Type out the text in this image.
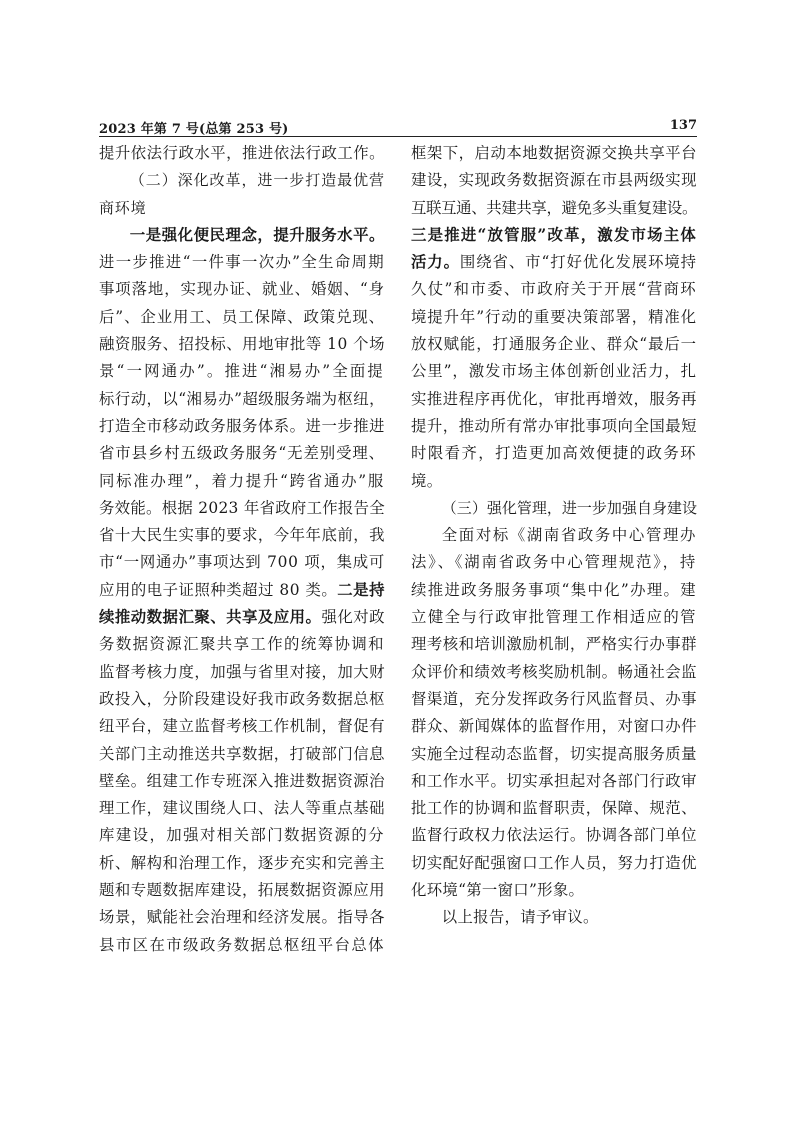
2023 年第 7 号(总第 253 号)	137
提升依法行政水平，推进依法行政工作。
（二）深化改革，进一步打造最优营
商环境
一是强化便民理念，提升服务水平。
进一步推进“一件事一次办”全生命周期
事项落地，实现办证、就业、婚姻、“身
后”、企业用工、员工保障、政策兑现、
融资服务、招投标、用地审批等 10 个场
景“一网通办”。推进“湘易办”全面提
标行动，以“湘易办”超级服务端为枢纽，
打造全市移动政务服务体系。进一步推进
省市县乡村五级政务服务“无差别受理、
同标准办理”，着力提升“跨省通办”服
务效能。根据 2023 年省政府工作报告全
省十大民生实事的要求，今年年底前，我
市“一网通办”事项达到 700 项，集成可
应用的电子证照种类超过 80 类。二是持
续推动数据汇聚、共享及应用。强化对政
务数据资源汇聚共享工作的统筹协调和
监督考核力度，加强与省里对接，加大财
政投入，分阶段建设好我市政务数据总枢
纽平台，建立监督考核工作机制，督促有
关部门主动推送共享数据，打破部门信息
壁垒。组建工作专班深入推进数据资源治
理工作，建议围绕人口、法人等重点基础
库建设，加强对相关部门数据资源的分
析、解构和治理工作，逐步充实和完善主
题和专题数据库建设，拓展数据资源应用
场景，赋能社会治理和经济发展。指导各
县市区在市级政务数据总枢纽平台总体
框架下，启动本地数据资源交换共享平台
建设，实现政务数据资源在市县两级实现
互联互通、共建共享，避免多头重复建设。
三是推进“放管服”改革，激发市场主体
活力。围绕省、市“打好优化发展环境持
久仗”和市委、市政府关于开展“营商环
境提升年”行动的重要决策部署，精准化
放权赋能，打通服务企业、群众“最后一
公里”，激发市场主体创新创业活力，扎
实推进程序再优化，审批再增效，服务再
提升，推动所有常办审批事项向全国最短
时限看齐，打造更加高效便捷的政务环
境。
（三）强化管理，进一步加强自身建设
全面对标《湖南省政务中心管理办
法》、《湖南省政务中心管理规范》，持
续推进政务服务事项“集中化”办理。建
立健全与行政审批管理工作相适应的管
理考核和培训激励机制，严格实行办事群
众评价和绩效考核奖励机制。畅通社会监
督渠道，充分发挥政务行风监督员、办事
群众、新闻媒体的监督作用，对窗口办件
实施全过程动态监督，切实提高服务质量
和工作水平。切实承担起对各部门行政审
批工作的协调和监督职责，保障、规范、
监督行政权力依法运行。协调各部门单位
切实配好配强窗口工作人员，努力打造优
化环境“第一窗口”形象。
以上报告，请予审议。
